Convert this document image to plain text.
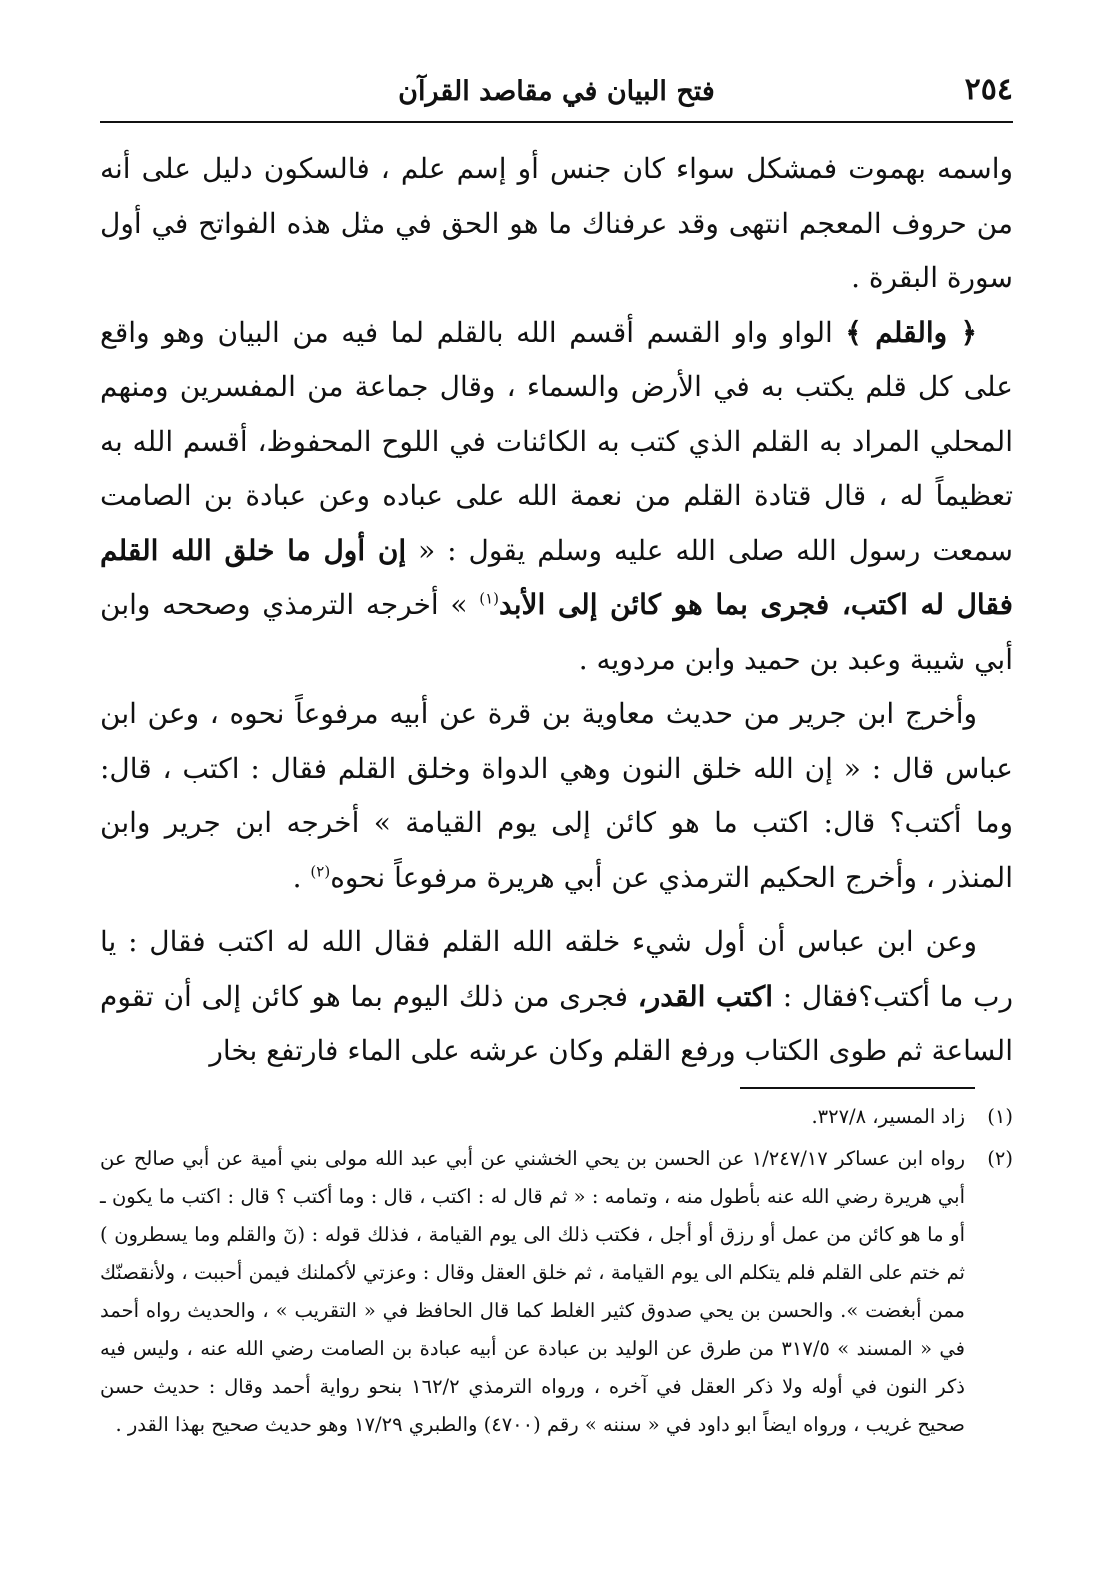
٢٥٤
فتح البيان في مقاصد القرآن

واسمه بهموت فمشكل سواء كان جنس أو إسم علم ، فالسكون دليل على أنه من حروف المعجم انتهى وقد عرفناك ما هو الحق في مثل هذه الفواتح في أول سورة البقرة .

﴿ والقلم ﴾ الواو واو القسم أقسم الله بالقلم لما فيه من البيان وهو واقع على كل قلم يكتب به في الأرض والسماء ، وقال جماعة من المفسرين ومنهم المحلي المراد به القلم الذي كتب به الكائنات في اللوح المحفوظ، أقسم الله به تعظيماً له ، قال قتادة القلم من نعمة الله على عباده وعن عبادة بن الصامت سمعت رسول الله صلى الله عليه وسلم يقول : « إن أول ما خلق الله القلم فقال له اكتب، فجرى بما هو كائن إلى الأبد$^{(١)}$ » أخرجه الترمذي وصححه وابن أبي شيبة وعبد بن حميد وابن مردويه .

وأخرج ابن جرير من حديث معاوية بن قرة عن أبيه مرفوعاً نحوه ، وعن ابن عباس قال : « إن الله خلق النون وهي الدواة وخلق القلم فقال : اكتب ، قال: وما أكتب؟ قال: اكتب ما هو كائن إلى يوم القيامة » أخرجه ابن جرير وابن المنذر ، وأخرج الحكيم الترمذي عن أبي هريرة مرفوعاً نحوه$^{(٢)}$ .

وعن ابن عباس أن أول شيء خلقه الله القلم فقال الله له اكتب فقال : يا رب ما أكتب؟فقال : اكتب القدر، فجرى من ذلك اليوم بما هو كائن إلى أن تقوم الساعة ثم طوى الكتاب ورفع القلم وكان عرشه على الماء فارتفع بخار

(١)
زاد المسير، ٣٢٧/٨.
(٢)
رواه ابن عساكر ١/٢٤٧/١٧ عن الحسن بن يحي الخشني عن أبي عبد الله مولى بني أمية عن أبي صالح عن أبي هريرة رضي الله عنه بأطول منه ، وتمامه : « ثم قال له : اكتب ، قال : وما أكتب ؟ قال : اكتب ما يكون ـ أو ما هو كائن من عمل أو رزق أو أجل ، فكتب ذلك الى يوم القيامة ، فذلك قوله : (نٓ والقلم وما يسطرون ) ثم ختم على القلم فلم يتكلم الى يوم القيامة ، ثم خلق العقل وقال : وعزتي لأكملنك فيمن أحببت ، ولأنقصنّك ممن أبغضت ». والحسن بن يحي صدوق كثير الغلط كما قال الحافظ في « التقريب » ، والحديث رواه أحمد في « المسند » ٣١٧/٥ من طرق عن الوليد بن عبادة عن أبيه عبادة بن الصامت رضي الله عنه ، وليس فيه ذكر النون في أوله ولا ذكر العقل في آخره ، ورواه الترمذي ١٦٢/٢ بنحو رواية أحمد وقال : حديث حسن صحيح غريب ، ورواه ايضاً ابو داود في « سننه » رقم (٤٧٠٠) والطبري ١٧/٢٩ وهو حديث صحيح بهذا القدر .
